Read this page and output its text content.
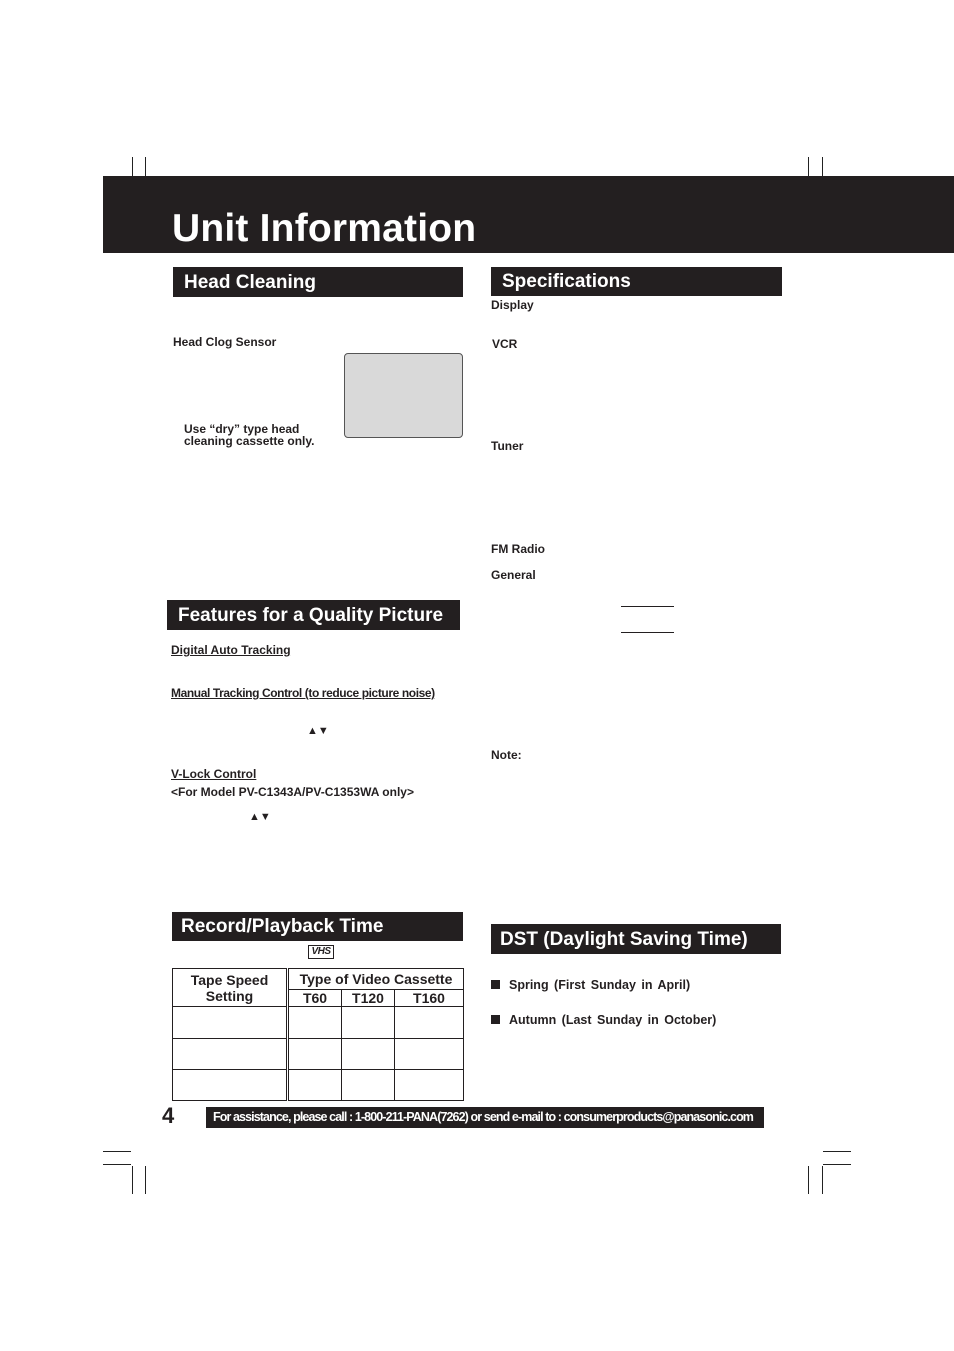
Unit Information
Head Cleaning
Head Clog Sensor
Use “dry” type head
cleaning cassette only.
Features for a Quality Picture
Digital Auto Tracking
Manual Tracking Control (to reduce picture noise)
▲▼
V-Lock Control
<For Model PV-C1343A/PV-C1353WA only>
▲▼
Record/Playback Time
VHS
Tape Speed Setting	Type of Video Cassette		
	T60	T120	T160

Specifications
Display
VCR
Tuner
FM Radio
General
Note:
DST (Daylight Saving Time)
Spring (First Sunday in April)
Autumn (Last Sunday in October)
4	For assistance, please call : 1-800-211-PANA(7262) or send e-mail to : consumerproducts@panasonic.com
